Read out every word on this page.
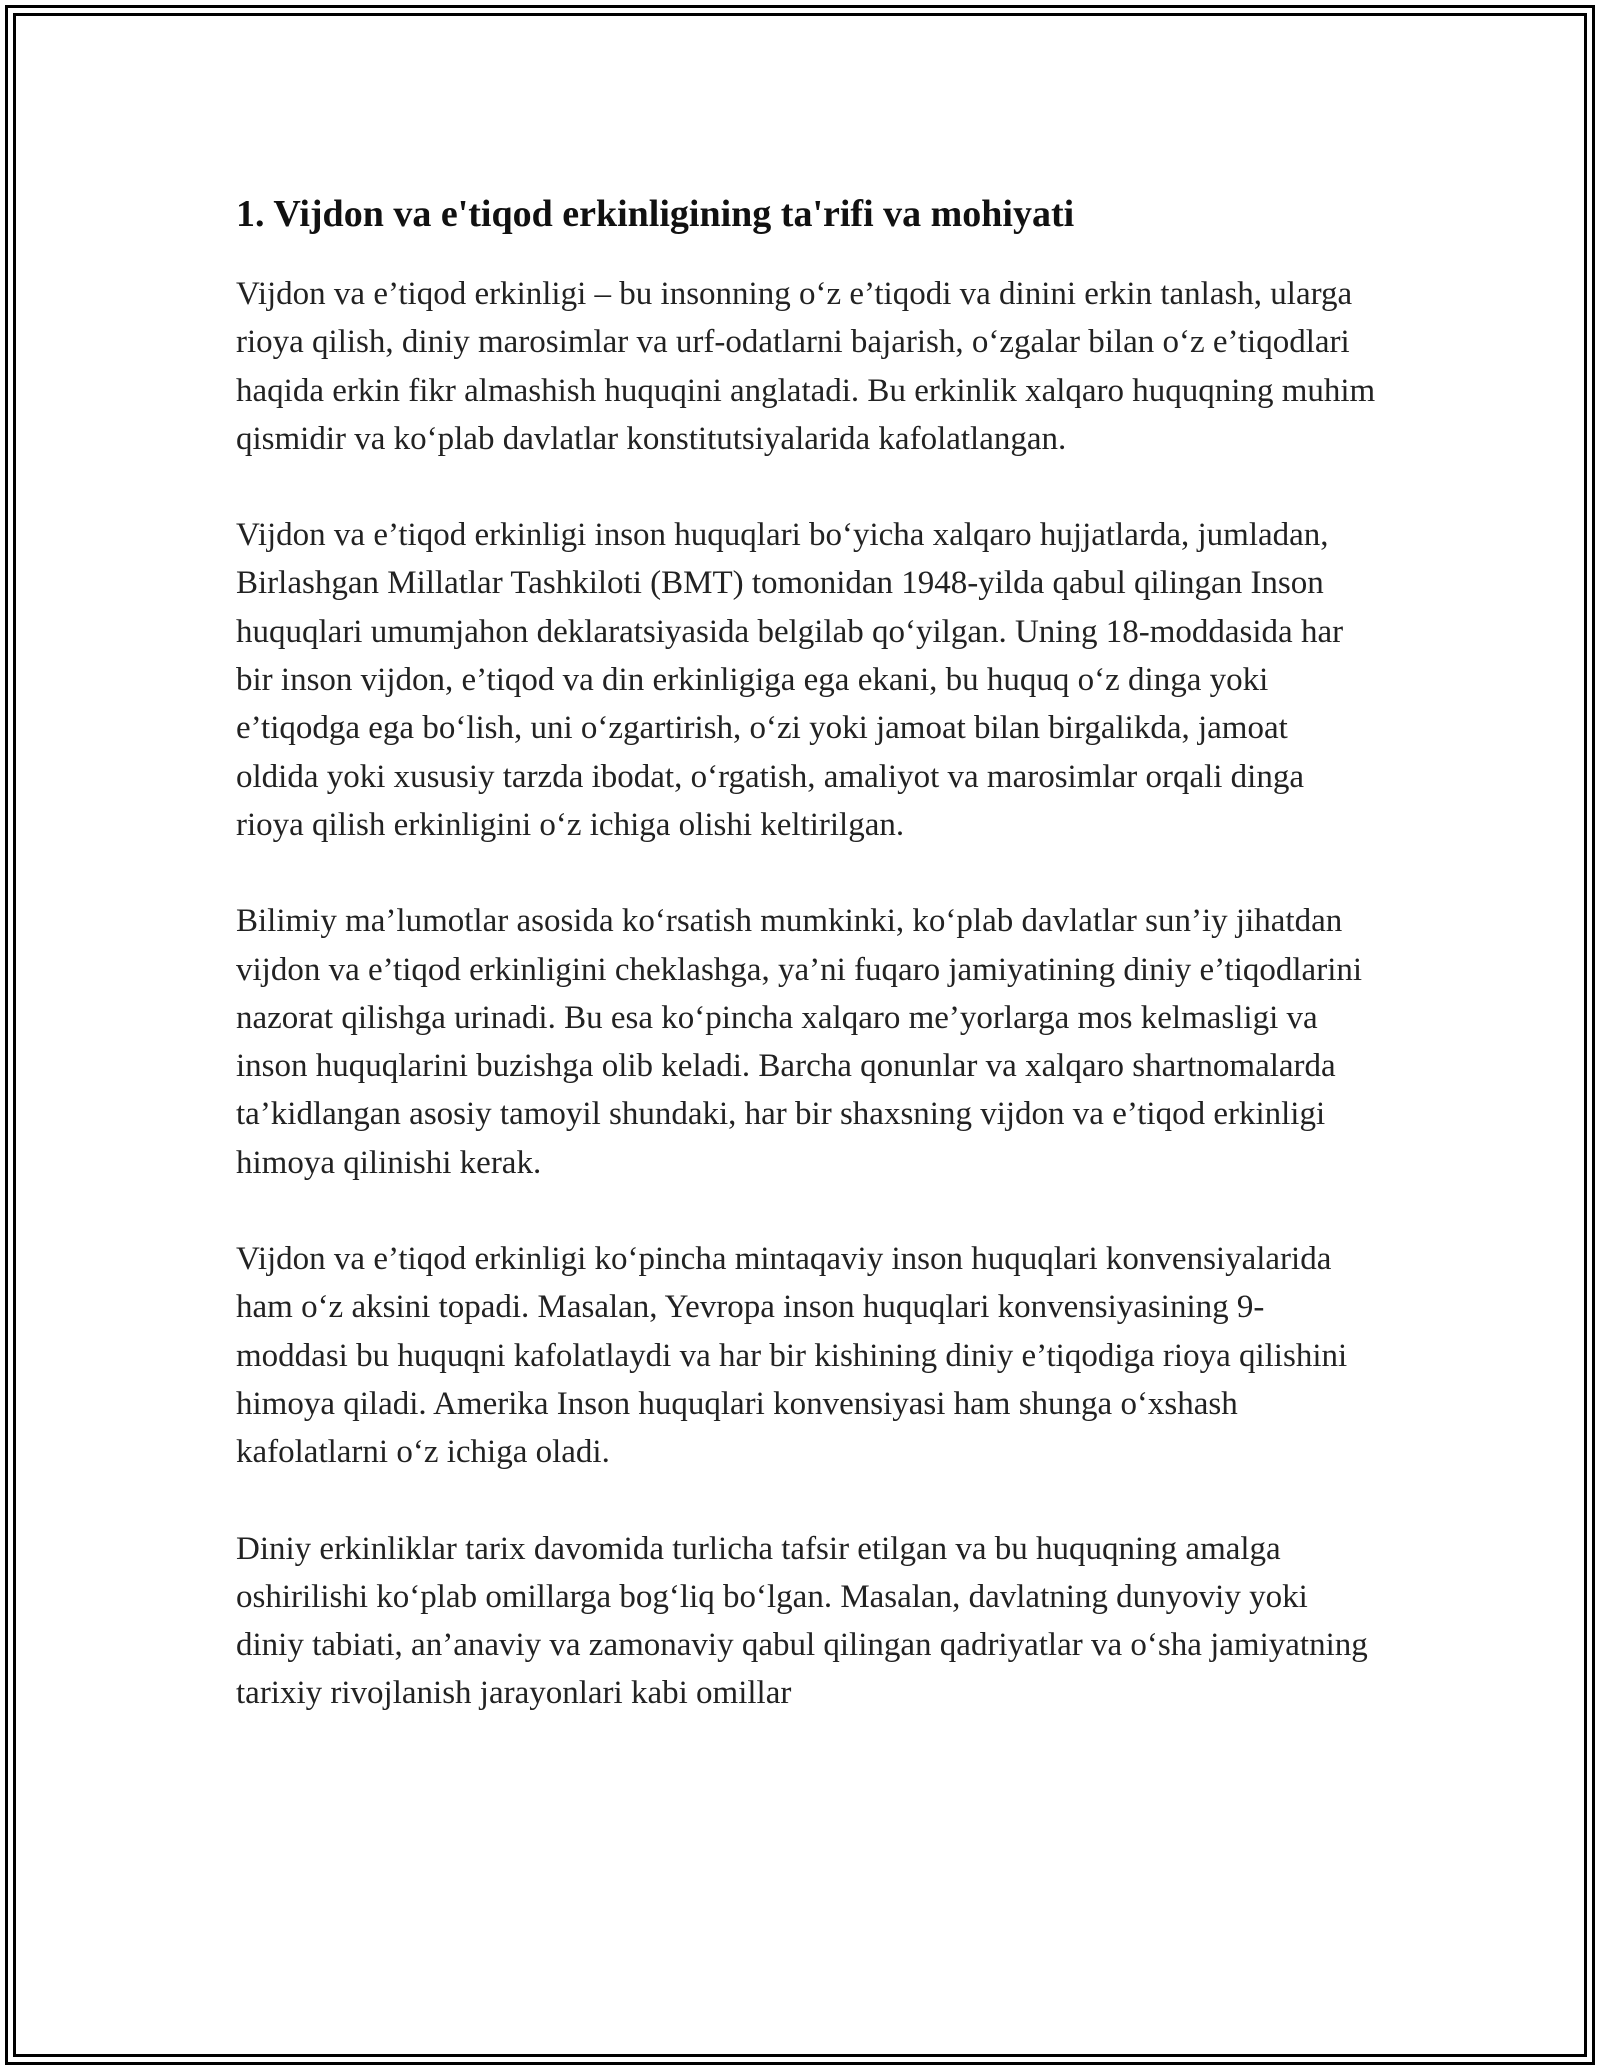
1. Vijdon va e'tiqod erkinligining ta'rifi va mohiyati

Vijdon va e’tiqod erkinligi – bu insonning o‘z e’tiqodi va dinini erkin tanlash, ularga rioya qilish, diniy marosimlar va urf-odatlarni bajarish, o‘zgalar bilan o‘z e’tiqodlari haqida erkin fikr almashish huquqini anglatadi. Bu erkinlik xalqaro huquqning muhim qismidir va ko‘plab davlatlar konstitutsiyalarida kafolatlangan.

Vijdon va e’tiqod erkinligi inson huquqlari bo‘yicha xalqaro hujjatlarda, jumladan, Birlashgan Millatlar Tashkiloti (BMT) tomonidan 1948-yilda qabul qilingan Inson huquqlari umumjahon deklaratsiyasida belgilab qo‘yilgan. Uning 18-moddasida har bir inson vijdon, e’tiqod va din erkinligiga ega ekani, bu huquq o‘z dinga yoki e’tiqodga ega bo‘lish, uni o‘zgartirish, o‘zi yoki jamoat bilan birgalikda, jamoat oldida yoki xususiy tarzda ibodat, o‘rgatish, amaliyot va marosimlar orqali dinga rioya qilish erkinligini o‘z ichiga olishi keltirilgan.

Bilimiy ma’lumotlar asosida ko‘rsatish mumkinki, ko‘plab davlatlar sun’iy jihatdan vijdon va e’tiqod erkinligini cheklashga, ya’ni fuqaro jamiyatining diniy e’tiqodlarini nazorat qilishga urinadi. Bu esa ko‘pincha xalqaro me’yorlarga mos kelmasligi va inson huquqlarini buzishga olib keladi. Barcha qonunlar va xalqaro shartnomalarda ta’kidlangan asosiy tamoyil shundaki, har bir shaxsning vijdon va e’tiqod erkinligi himoya qilinishi kerak.

Vijdon va e’tiqod erkinligi ko‘pincha mintaqaviy inson huquqlari konvensiyalarida ham o‘z aksini topadi. Masalan, Yevropa inson huquqlari konvensiyasining 9-moddasi bu huquqni kafolatlaydi va har bir kishining diniy e’tiqodiga rioya qilishini himoya qiladi. Amerika Inson huquqlari konvensiyasi ham shunga o‘xshash kafolatlarni o‘z ichiga oladi.

Diniy erkinliklar tarix davomida turlicha tafsir etilgan va bu huquqning amalga oshirilishi ko‘plab omillarga bog‘liq bo‘lgan. Masalan, davlatning dunyoviy yoki diniy tabiati, an’anaviy va zamonaviy qabul qilingan qadriyatlar va o‘sha jamiyatning tarixiy rivojlanish jarayonlari kabi omillar
